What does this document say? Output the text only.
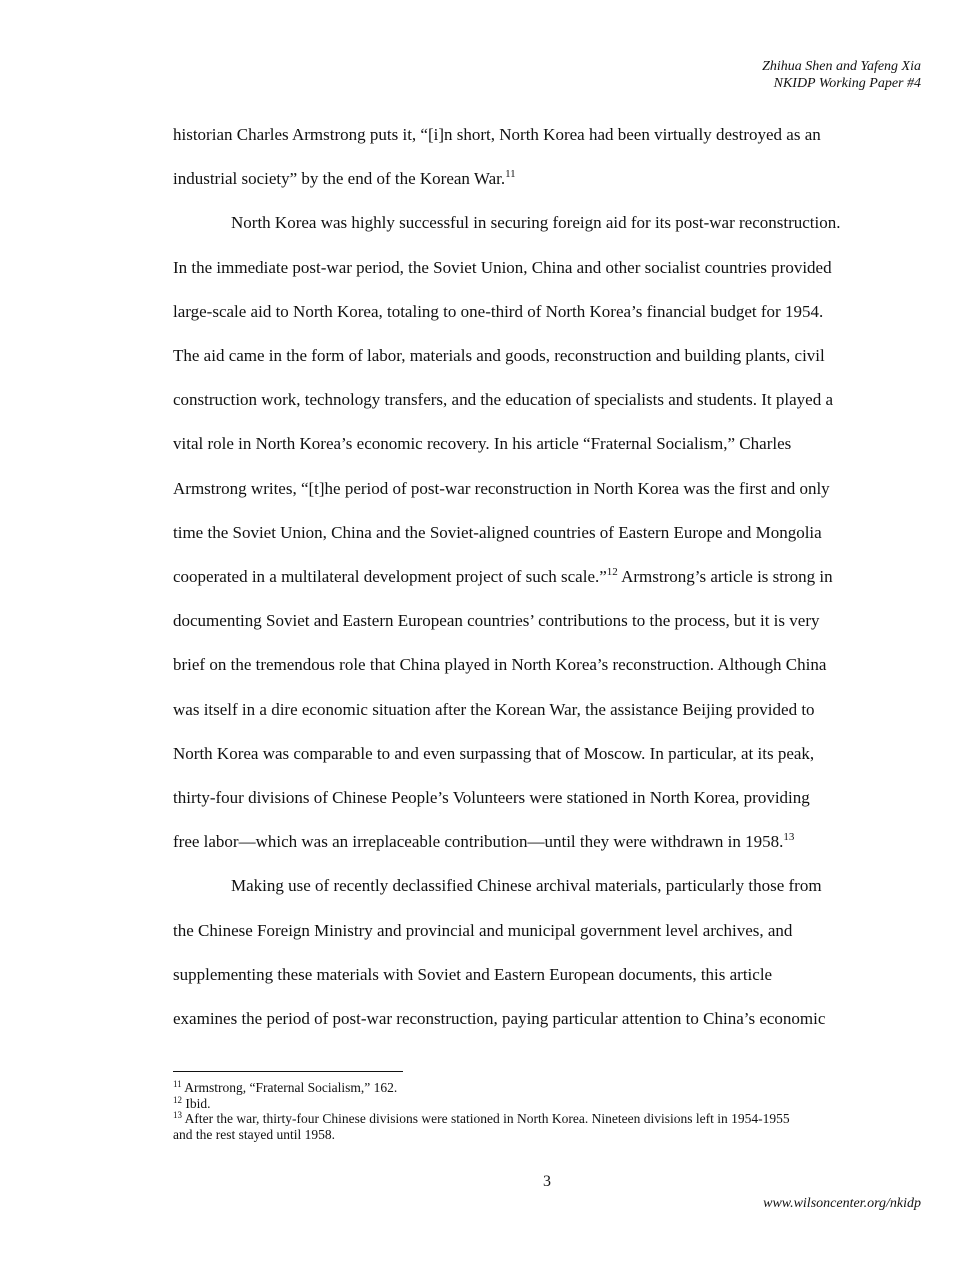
Zhihua Shen and Yafeng Xia
NKIDP Working Paper #4

historian Charles Armstrong puts it, “[i]n short, North Korea had been virtually destroyed as an

industrial society” by the end of the Korean War.$^{11}$

North Korea was highly successful in securing foreign aid for its post-war reconstruction.

In the immediate post-war period, the Soviet Union, China and other socialist countries provided

large-scale aid to North Korea, totaling to one-third of North Korea’s financial budget for 1954.

The aid came in the form of labor, materials and goods, reconstruction and building plants, civil

construction work, technology transfers, and the education of specialists and students. It played a

vital role in North Korea’s economic recovery. In his article “Fraternal Socialism,” Charles

Armstrong writes, “[t]he period of post-war reconstruction in North Korea was the first and only

time the Soviet Union, China and the Soviet-aligned countries of Eastern Europe and Mongolia

cooperated in a multilateral development project of such scale.”$^{12}$ Armstrong’s article is strong in

documenting Soviet and Eastern European countries’ contributions to the process, but it is very

brief on the tremendous role that China played in North Korea’s reconstruction. Although China

was itself in a dire economic situation after the Korean War, the assistance Beijing provided to

North Korea was comparable to and even surpassing that of Moscow. In particular, at its peak,

thirty-four divisions of Chinese People’s Volunteers were stationed in North Korea, providing

free labor—which was an irreplaceable contribution—until they were withdrawn in 1958.13

Making use of recently declassified Chinese archival materials, particularly those from

the Chinese Foreign Ministry and provincial and municipal government level archives, and

supplementing these materials with Soviet and Eastern European documents, this article

examines the period of post-war reconstruction, paying particular attention to China’s economic

$^{11}$ Armstrong, “Fraternal Socialism,” 162.
$^{12}$ Ibid.
$^{13}$ After the war, thirty-four Chinese divisions were stationed in North Korea. Nineteen divisions left in 1954-1955
and the rest stayed until 1958.
3
www.wilsoncenter.org/nkidp
